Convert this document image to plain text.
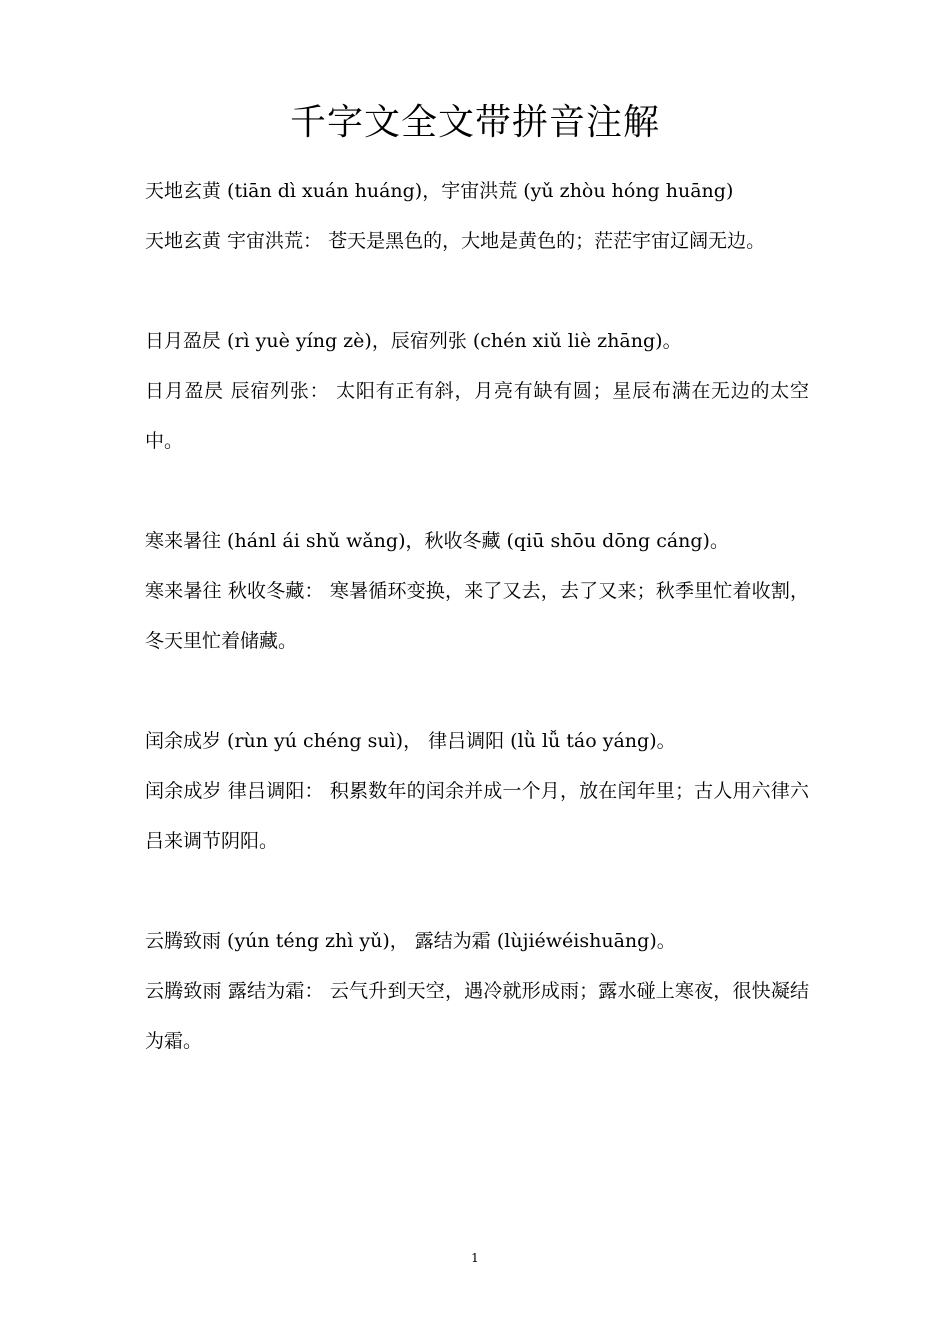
千字文全文带拼音注解
天地玄黄 (tiān dì xuán huáng)，宇宙洪荒 (yǔ zhòu hóng huāng)
天地玄黄 宇宙洪荒： 苍天是黑色的，大地是黄色的；茫茫宇宙辽阔无边。
日月盈昃 (rì yuè yíng zè)，辰宿列张 (chén xiǔ liè zhāng)。
日月盈昃 辰宿列张： 太阳有正有斜，月亮有缺有圆；星辰布满在无边的太空中。
寒来暑往 (hánl ái shǔ wǎng)，秋收冬藏 (qiū shōu dōng cáng)。
寒来暑往 秋收冬藏： 寒暑循环变换，来了又去，去了又来；秋季里忙着收割，冬天里忙着储藏。
闰余成岁 (rùn yú chéng suì)， 律吕调阳 (lǜ lǚ táo yáng)。
闰余成岁 律吕调阳： 积累数年的闰余并成一个月，放在闰年里；古人用六律六吕来调节阴阳。
云腾致雨 (yún téng zhì yǔ)， 露结为霜 (lùjiéwéishuāng)。
云腾致雨 露结为霜： 云气升到天空，遇冷就形成雨；露水碰上寒夜，很快凝结为霜。
1
